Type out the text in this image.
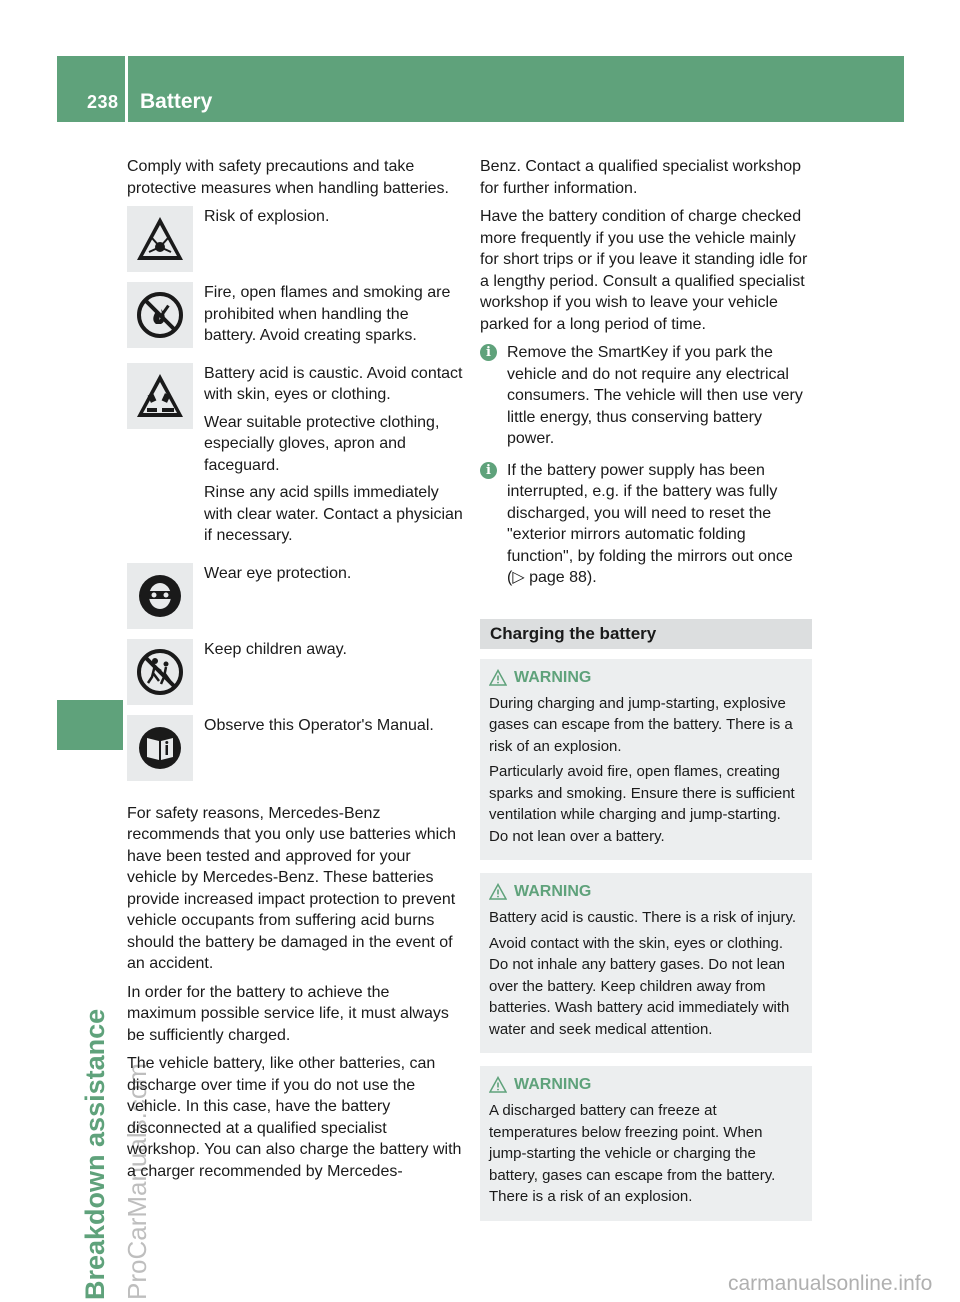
238 Battery
Breakdown assistance ProCarManuals.com

Comply with safety precautions and take protective measures when handling batteries.

Risk of explosion.

Fire, open flames and smoking are prohibited when handling the battery. Avoid creating sparks.

Battery acid is caustic. Avoid contact with skin, eyes or clothing.

Wear suitable protective clothing, especially gloves, apron and faceguard.

Rinse any acid spills immediately with clear water. Contact a physician if necessary.

Wear eye protection.

Keep children away.

Observe this Operator's Manual.

For safety reasons, Mercedes-Benz recommends that you only use batteries which have been tested and approved for your vehicle by Mercedes-Benz. These batteries provide increased impact protection to prevent vehicle occupants from suffering acid burns should the battery be damaged in the event of an accident.

In order for the battery to achieve the maximum possible service life, it must always be sufficiently charged.

The vehicle battery, like other batteries, can discharge over time if you do not use the vehicle. In this case, have the battery disconnected at a qualified specialist workshop. You can also charge the battery with a charger recommended by Mercedes-

Benz. Contact a qualified specialist workshop for further information.

Have the battery condition of charge checked more frequently if you use the vehicle mainly for short trips or if you leave it standing idle for a lengthy period. Consult a qualified specialist workshop if you wish to leave your vehicle parked for a long period of time.

i	Remove the SmartKey if you park the vehicle and do not require any electrical consumers. The vehicle will then use very little energy, thus conserving battery power.

i	If the battery power supply has been interrupted, e.g. if the battery was fully discharged, you will need to reset the "exterior mirrors automatic folding function", by folding the mirrors out once (▷ page 88).

Charging the battery
WARNING

During charging and jump-starting, explosive gases can escape from the battery. There is a risk of an explosion.

Particularly avoid fire, open flames, creating sparks and smoking. Ensure there is sufficient ventilation while charging and jump-starting. Do not lean over a battery.

WARNING

Battery acid is caustic. There is a risk of injury.

Avoid contact with the skin, eyes or clothing. Do not inhale any battery gases. Do not lean over the battery. Keep children away from batteries. Wash battery acid immediately with water and seek medical attention.

WARNING

A discharged battery can freeze at temperatures below freezing point. When jump-starting the vehicle or charging the battery, gases can escape from the battery. There is a risk of an explosion.

carmanualsonline.info
